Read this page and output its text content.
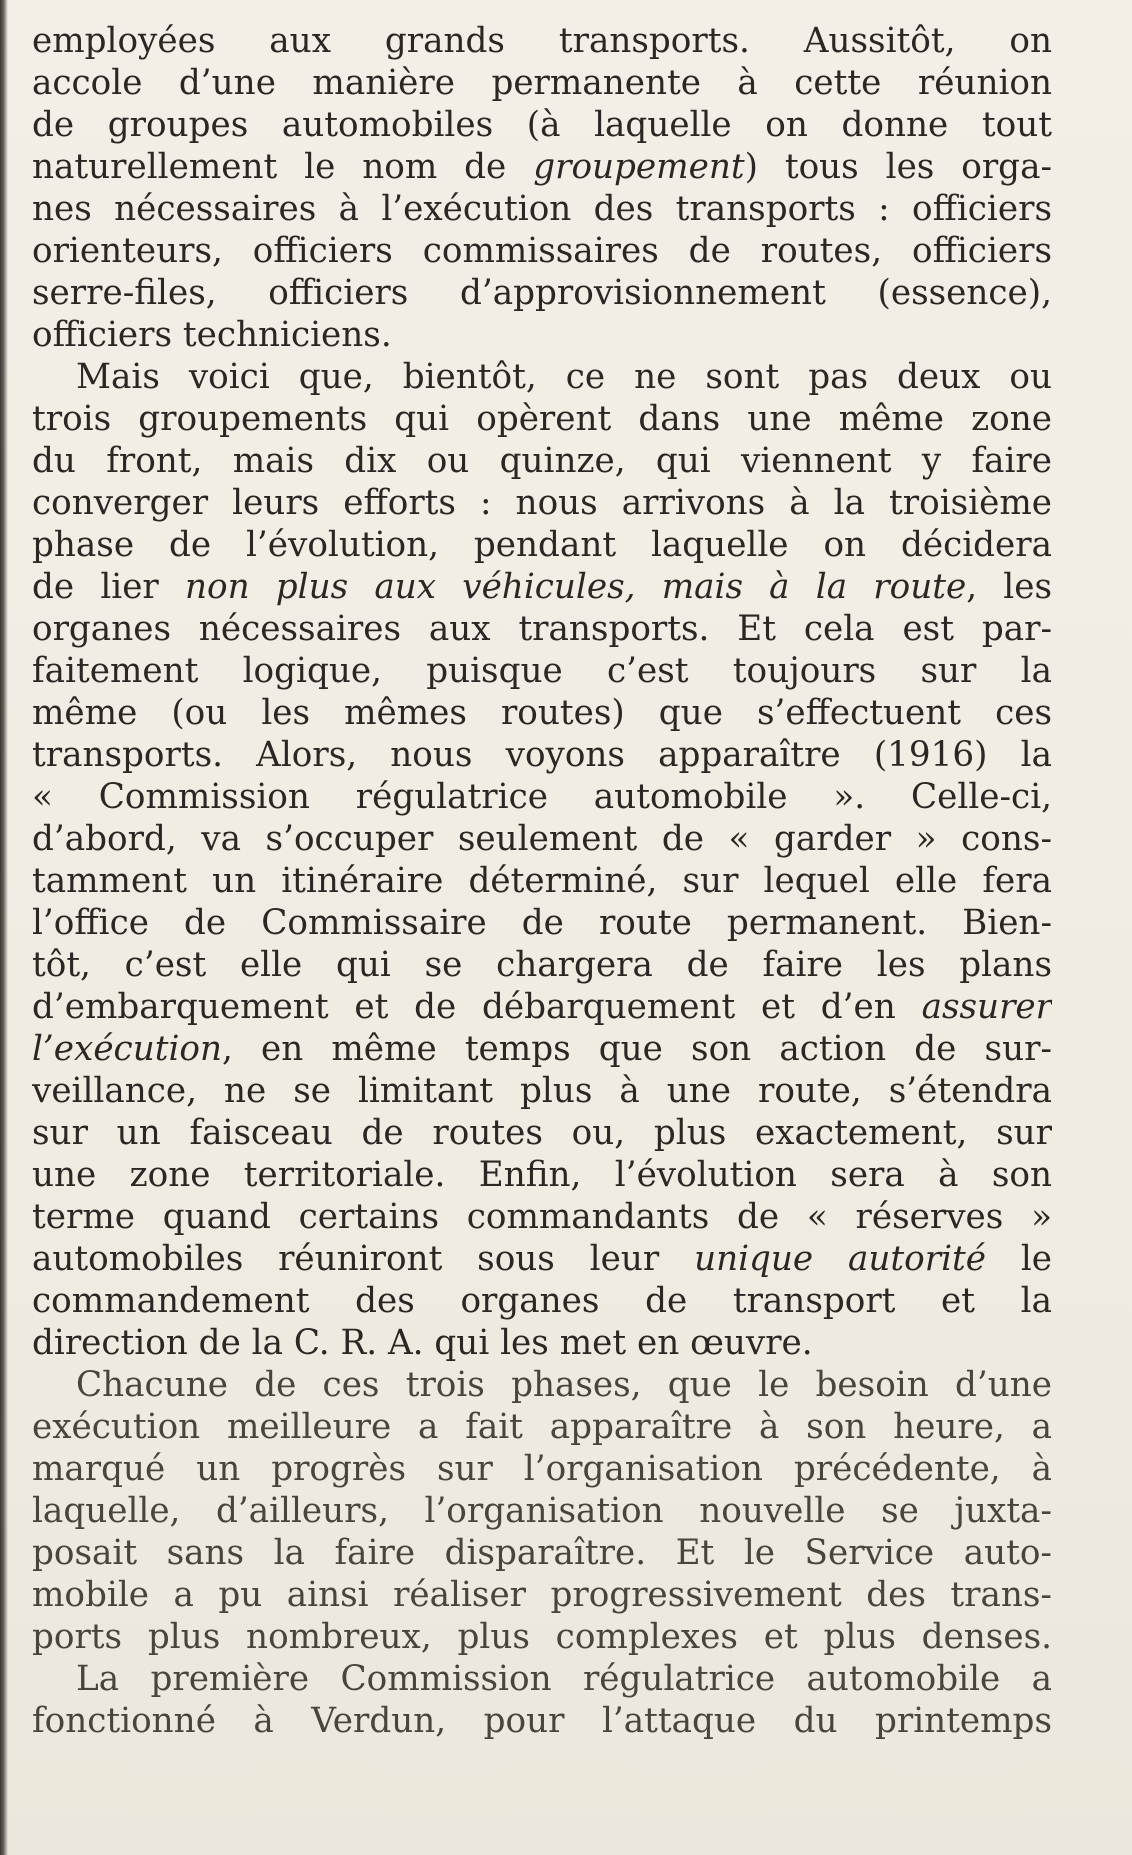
employées aux grands transports. Aussitôt, on
accole d’une manière permanente à cette réunion
de groupes automobiles (à laquelle on donne tout
naturellement le nom de groupement) tous les orga-
nes nécessaires à l’exécution des transports : officiers
orienteurs, officiers commissaires de routes, officiers
serre-files, officiers d’approvisionnement (essence),
officiers techniciens.
Mais voici que, bientôt, ce ne sont pas deux ou
trois groupements qui opèrent dans une même zone
du front, mais dix ou quinze, qui viennent y faire
converger leurs efforts : nous arrivons à la troisième
phase de l’évolution, pendant laquelle on décidera
de lier non plus aux véhicules, mais à la route, les
organes nécessaires aux transports. Et cela est par-
faitement logique, puisque c’est toujours sur la
même (ou les mêmes routes) que s’effectuent ces
transports. Alors, nous voyons apparaître (1916) la
« Commission régulatrice automobile ». Celle-ci,
d’abord, va s’occuper seulement de « garder » cons-
tamment un itinéraire déterminé, sur lequel elle fera
l’office de Commissaire de route permanent. Bien-
tôt, c’est elle qui se chargera de faire les plans
d’embarquement et de débarquement et d’en assurer
l’exécution, en même temps que son action de sur-
veillance, ne se limitant plus à une route, s’étendra
sur un faisceau de routes ou, plus exactement, sur
une zone territoriale. Enfin, l’évolution sera à son
terme quand certains commandants de « réserves »
automobiles réuniront sous leur unique autorité le
commandement des organes de transport et la
direction de la C. R. A. qui les met en œuvre.
Chacune de ces trois phases, que le besoin d’une
exécution meilleure a fait apparaître à son heure, a
marqué un progrès sur l’organisation précédente, à
laquelle, d’ailleurs, l’organisation nouvelle se juxta-
posait sans la faire disparaître. Et le Service auto-
mobile a pu ainsi réaliser progressivement des trans-
ports plus nombreux, plus complexes et plus denses.
La première Commission régulatrice automobile a
fonctionné à Verdun, pour l’attaque du printemps
